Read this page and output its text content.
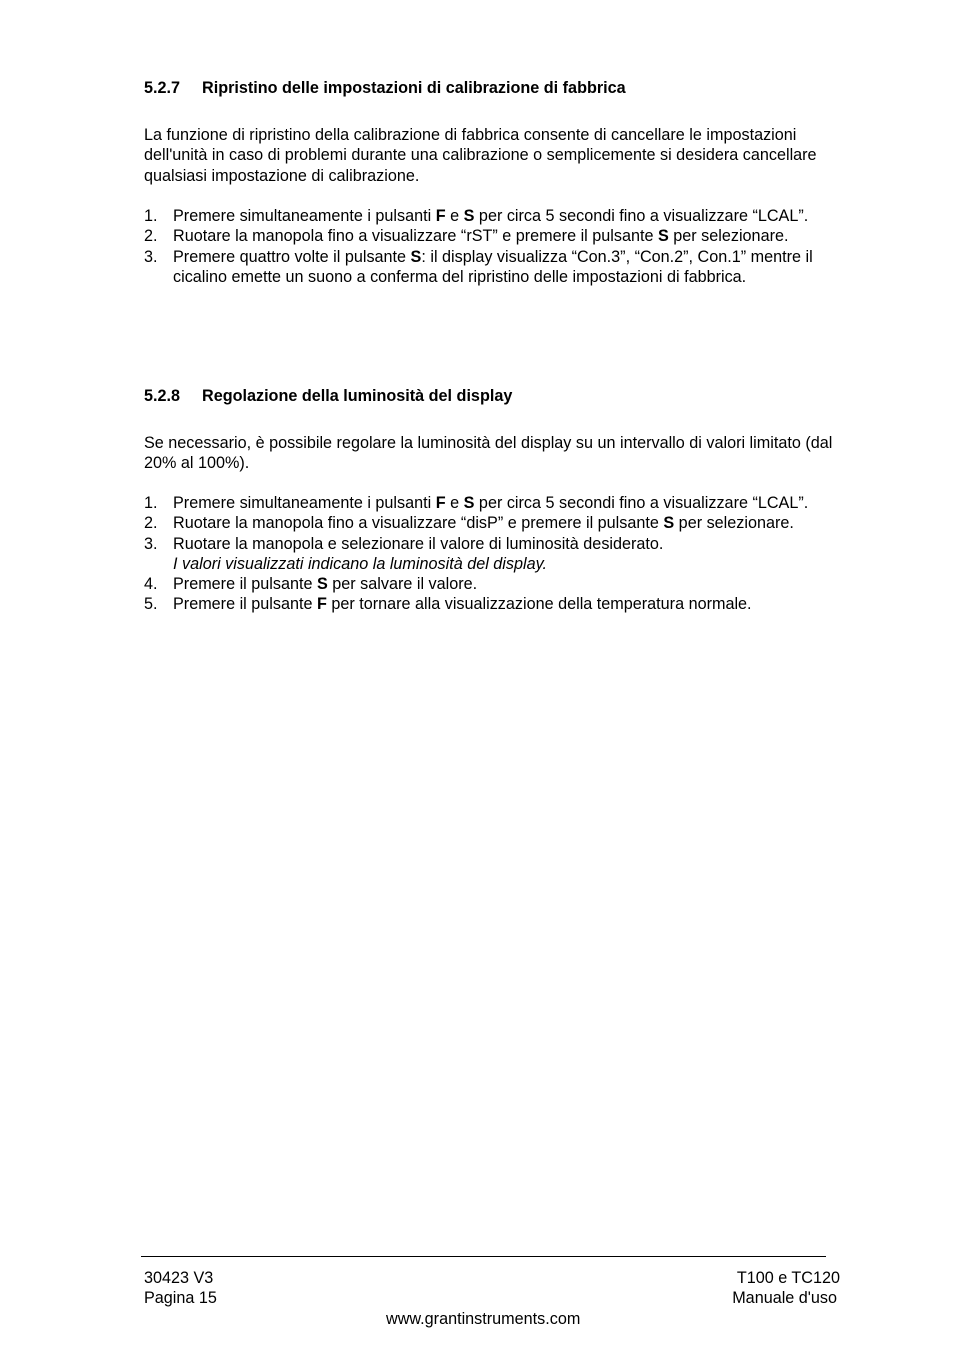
5.2.7 Ripristino delle impostazioni di calibrazione di fabbrica
La funzione di ripristino della calibrazione di fabbrica consente di cancellare le impostazioni dell'unità in caso di problemi durante una calibrazione o semplicemente si desidera cancellare qualsiasi impostazione di calibrazione.
1. Premere simultaneamente i pulsanti F e S per circa 5 secondi fino a visualizzare “LCAL”.
2. Ruotare la manopola fino a visualizzare “rST” e premere il pulsante S per selezionare.
3. Premere quattro volte il pulsante S: il display visualizza “Con.3”, “Con.2”, Con.1” mentre il cicalino emette un suono a conferma del ripristino delle impostazioni di fabbrica.
5.2.8 Regolazione della luminosità del display
Se necessario, è possibile regolare la luminosità del display su un intervallo di valori limitato (dal 20% al 100%).
1. Premere simultaneamente i pulsanti F e S per circa 5 secondi fino a visualizzare “LCAL”.
2. Ruotare la manopola fino a visualizzare “disP” e premere il pulsante S per selezionare.
3. Ruotare la manopola e selezionare il valore di luminosità desiderato.
I valori visualizzati indicano la luminosità del display.
4. Premere il pulsante S per salvare il valore.
5. Premere il pulsante F per tornare alla visualizzazione della temperatura normale.
30423 V3
Pagina 15
T100 e TC120
Manuale d'uso
www.grantinstruments.com
